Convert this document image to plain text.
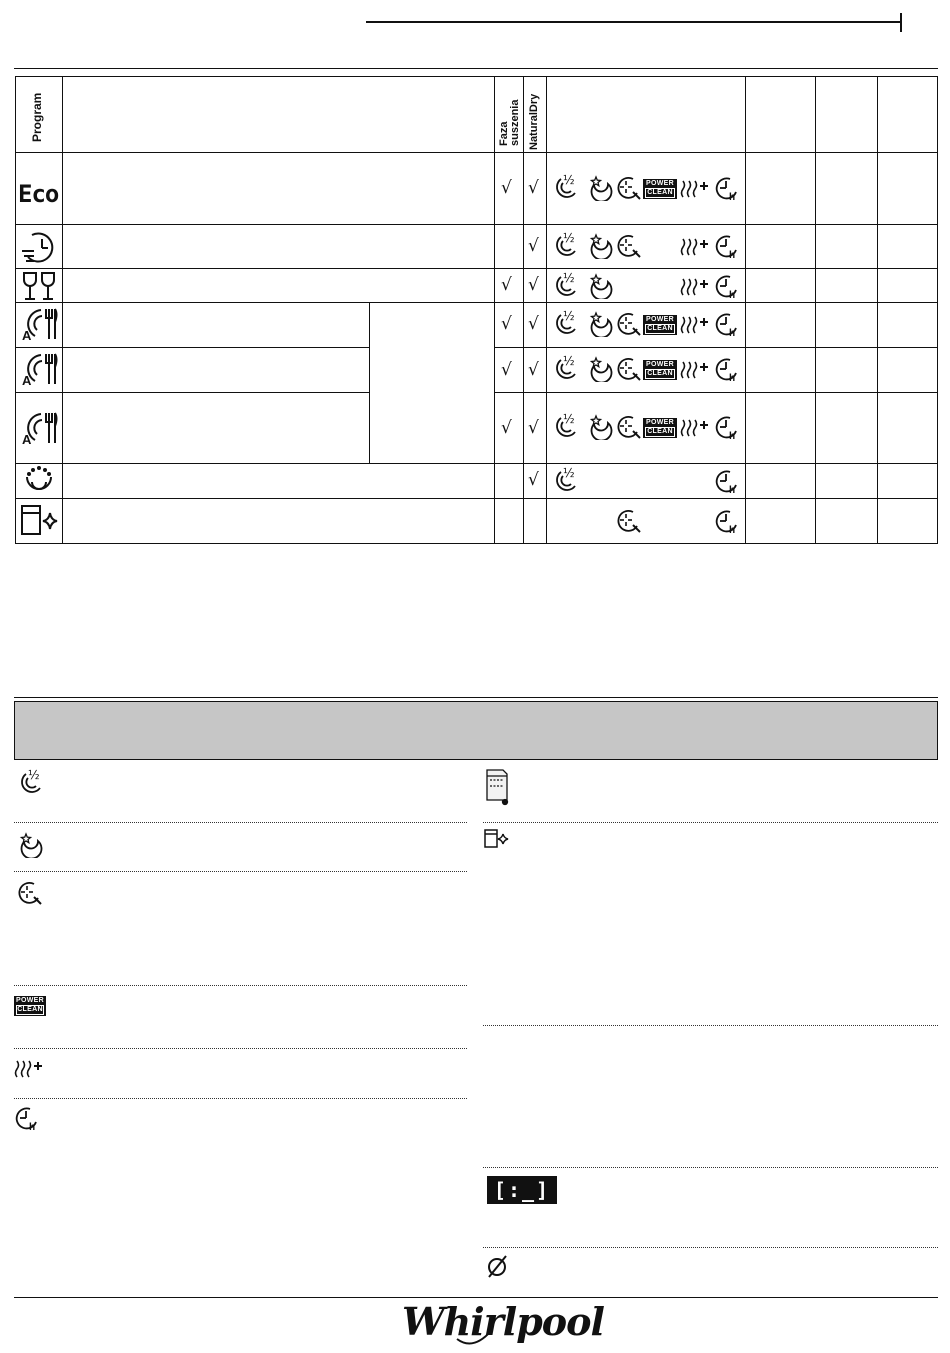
Program	Faza
suszenia NaturalDry
Eco
A
A
A
√ √
√
√ √
√ √
√ √
√ √
√
POWER
CLEAN
POWER
CLEAN
POWER
CLEAN
POWER
CLEAN
POWER
CLEAN
[:_]
Whirlpool
